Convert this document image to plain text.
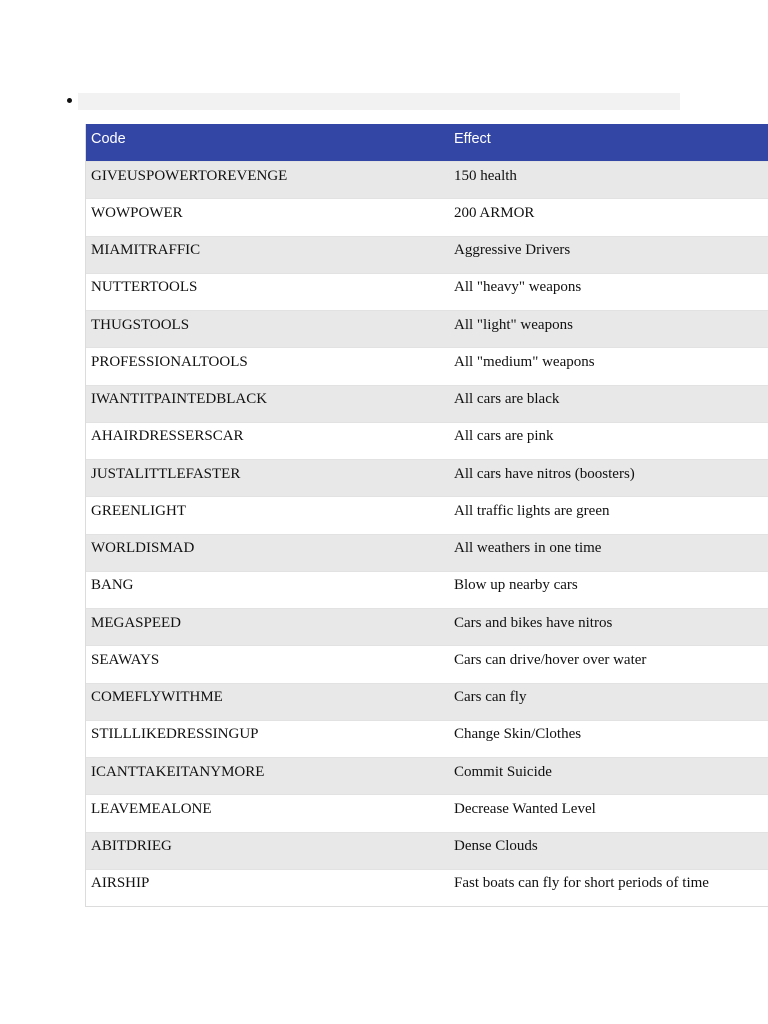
Code	Effect
GIVEUSPOWERTOREVENGE	150 health
WOWPOWER	200 ARMOR
MIAMITRAFFIC	Aggressive Drivers
NUTTERTOOLS	All "heavy" weapons
THUGSTOOLS	All "light" weapons
PROFESSIONALTOOLS	All "medium" weapons
IWANTITPAINTEDBLACK	All cars are black
AHAIRDRESSERSCAR	All cars are pink
JUSTALITTLEFASTER	All cars have nitros (boosters)
GREENLIGHT	All traffic lights are green
WORLDISMAD	All weathers in one time
BANG	Blow up nearby cars
MEGASPEED	Cars and bikes have nitros
SEAWAYS	Cars can drive/hover over water
COMEFLYWITHME	Cars can fly
STILLLIKEDRESSINGUP	Change Skin/Clothes
ICANTTAKEITANYMORE	Commit Suicide
LEAVEMEALONE	Decrease Wanted Level
ABITDRIEG	Dense Clouds
AIRSHIP	Fast boats can fly for short periods of time
